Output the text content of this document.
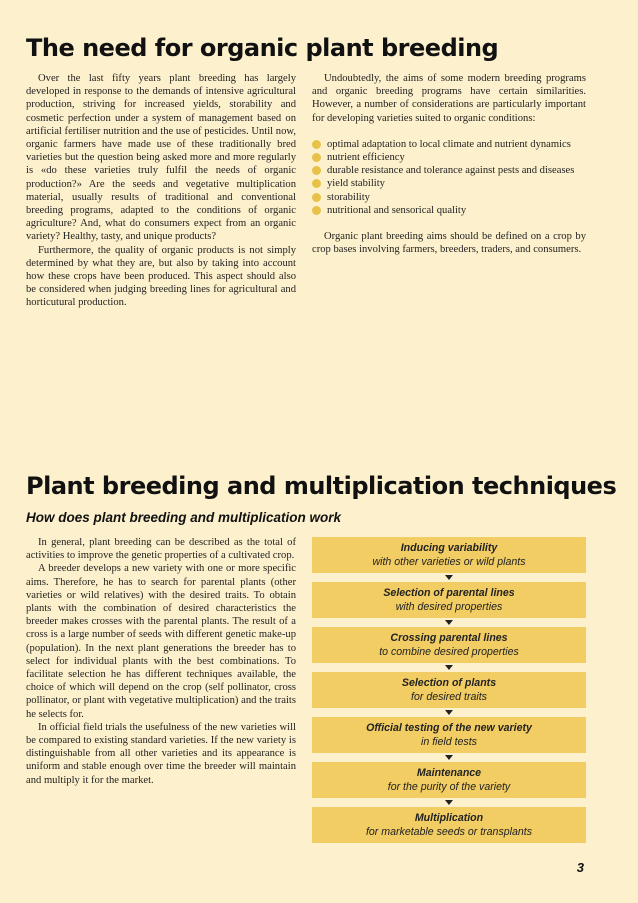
The need for organic plant breeding

Over the last fifty years plant breeding has largely developed in response to the demands of intensive agricultural production, striving for increased yields, storability and cosmetic perfection under a system of management based on artificial fertiliser nutrition and the use of pesticides. Until now, organic farmers have made use of these traditionally bred varieties but the question being asked more and more regularly is «do these varieties truly fulfil the needs of organic production?» Are the seeds and vegetative multiplication material, usually results of traditional and conventional breeding programs, adapted to the conditions of organic agriculture? And, what do consumers expect from an organic variety? Healthy, tasty, and unique products?

Furthermore, the quality of organic products is not simply determined by what they are, but also by taking into account how these crops have been produced. This aspect should also be considered when judging breeding lines for agricultural and horticutural production.

Undoubtedly, the aims of some modern breeding programs and organic breeding programs have certain similarities. However, a number of considerations are particularly important for developing varieties suited to organic conditions:

optimal adaptation to local climate and nutrient dynamics
nutrient efficiency
durable resistance and tolerance against pests and diseases
yield stability
storability
nutritional and sensorical quality

Organic plant breeding aims should be defined on a crop by crop bases involving farmers, breeders, traders, and consumers.

Plant breeding and multiplication techniques
How does plant breeding and multiplication work

In general, plant breeding can be described as the total of activities to improve the genetic properties of a cultivated crop.

A breeder develops a new variety with one or more specific aims. Therefore, he has to search for parental plants (other varieties or wild relatives) with the desired traits. To obtain plants with the combination of desired characteristics the breeder makes crosses with the parental plants. The result of a cross is a large number of seeds with different genetic make-up (population). In the next plant generations the breeder has to select for individual plants with the best combinations. To facilitate selection he has different techniques available, the choice of which will depend on the crop (self pollinator, cross pollinator, or plant with vegetative multiplication) and the traits he selects for.

In official field trials the usefulness of the new varieties will be compared to existing standard varieties. If the new variety is distinguishable from all other varieties and its appearance is uniform and stable enough over time the breeder will maintain and multiply it for the market.

Inducing variability
with other varieties or wild plants
Selection of parental lines
with desired properties
Crossing parental lines
to combine desired properties
Selection of plants
for desired traits
Official testing of the new variety
in field tests
Maintenance
for the purity of the variety
Multiplication
for marketable seeds or transplants
3
